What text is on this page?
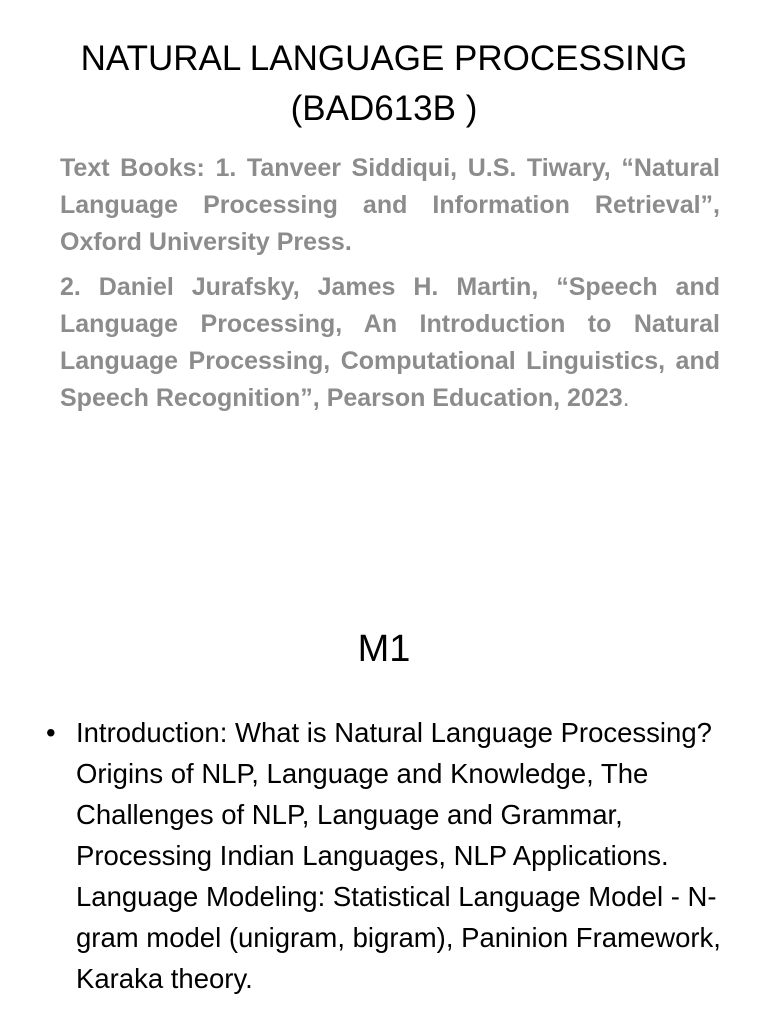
NATURAL LANGUAGE PROCESSING
(BAD613B )

Text Books: 1. Tanveer Siddiqui, U.S. Tiwary, “Natural Language Processing and Information Retrieval”, Oxford University Press.

2. Daniel Jurafsky, James H. Martin, “Speech and Language Processing, An Introduction to Natural Language Processing, Computational Linguistics, and Speech Recognition”, Pearson Education, 2023.

M1
• Introduction: What is Natural Language Processing? Origins of NLP, Language and Knowledge, The Challenges of NLP, Language and Grammar, Processing Indian Languages, NLP Applications. Language Modeling: Statistical Language Model - N-gram model (unigram, bigram), Paninion Framework, Karaka theory.
